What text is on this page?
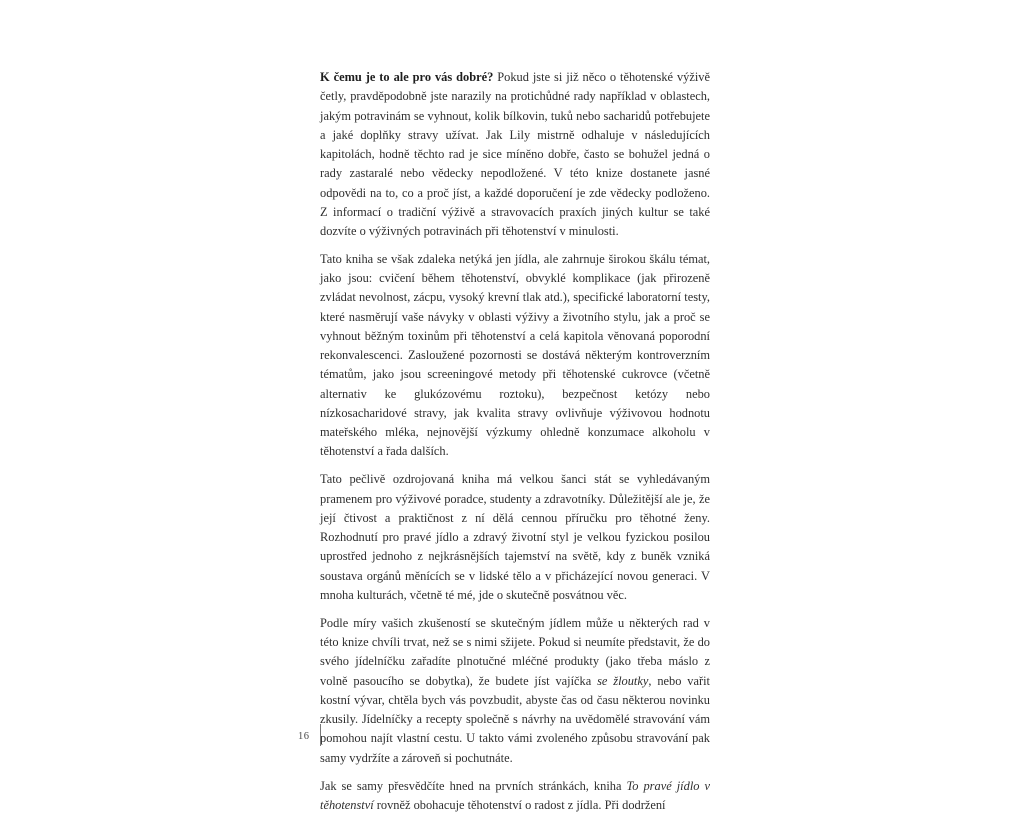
K čemu je to ale pro vás dobré? Pokud jste si již něco o těhotenské výživě četly, pravděpodobně jste narazily na protichůdné rady například v oblastech, jakým potravinám se vyhnout, kolik bílkovin, tuků nebo sacharidů potřebujete a jaké doplňky stravy užívat. Jak Lily mistrně odhaluje v následujících kapitolách, hodně těchto rad je sice míněno dobře, často se bohužel jedná o rady zastaralé nebo vědecky nepodložené. V této knize dostanete jasné odpovědi na to, co a proč jíst, a každé doporučení je zde vědecky podloženo. Z informací o tradiční výživě a stravovacích praxích jiných kultur se také dozvíte o výživných potravinách při těhotenství v minulosti.

Tato kniha se však zdaleka netýká jen jídla, ale zahrnuje širokou škálu témat, jako jsou: cvičení během těhotenství, obvyklé komplikace (jak přirozeně zvládat nevolnost, zácpu, vysoký krevní tlak atd.), specifické laboratorní testy, které nasměrují vaše návyky v oblasti výživy a životního stylu, jak a proč se vyhnout běžným toxinům při těhotenství a celá kapitola věnovaná poporodní rekonvalescenci. Zasloužené pozornosti se dostává některým kontroverzním tématům, jako jsou screeningové metody při těhotenské cukrovce (včetně alternativ ke glukózovému roztoku), bezpečnost ketózy nebo nízkosacharidové stravy, jak kvalita stravy ovlivňuje výživovou hodnotu mateřského mléka, nejnovější výzkumy ohledně konzumace alkoholu v těhotenství a řada dalších.

Tato pečlivě ozdrojovaná kniha má velkou šanci stát se vyhledávaným pramenem pro výživové poradce, studenty a zdravotníky. Důležitější ale je, že její čtivost a praktičnost z ní dělá cennou příručku pro těhotné ženy. Rozhodnutí pro pravé jídlo a zdravý životní styl je velkou fyzickou posilou uprostřed jednoho z nejkrásnějších tajemství na světě, kdy z buněk vzniká soustava orgánů měnících se v lidské tělo a v přicházející novou generaci. V mnoha kulturách, včetně té mé, jde o skutečně posvátnou věc.

Podle míry vašich zkušeností se skutečným jídlem může u některých rad v této knize chvíli trvat, než se s nimi sžijete. Pokud si neumíte představit, že do svého jídelníčku zařadíte plnotučné mléčné produkty (jako třeba máslo z volně pasoucího se dobytka), že budete jíst vajíčka se žloutky, nebo vařit kostní vývar, chtěla bych vás povzbudit, abyste čas od času některou novinku zkusily. Jídelníčky a recepty společně s návrhy na uvědomělé stravování vám pomohou najít vlastní cestu. U takto vámi zvoleného způsobu stravování pak samy vydržíte a zároveň si pochutnáte.

Jak se samy přesvědčíte hned na prvních stránkách, kniha To pravé jídlo v těhotenství rovněž obohacuje těhotenství o radost z jídla. Při dodržení

16
